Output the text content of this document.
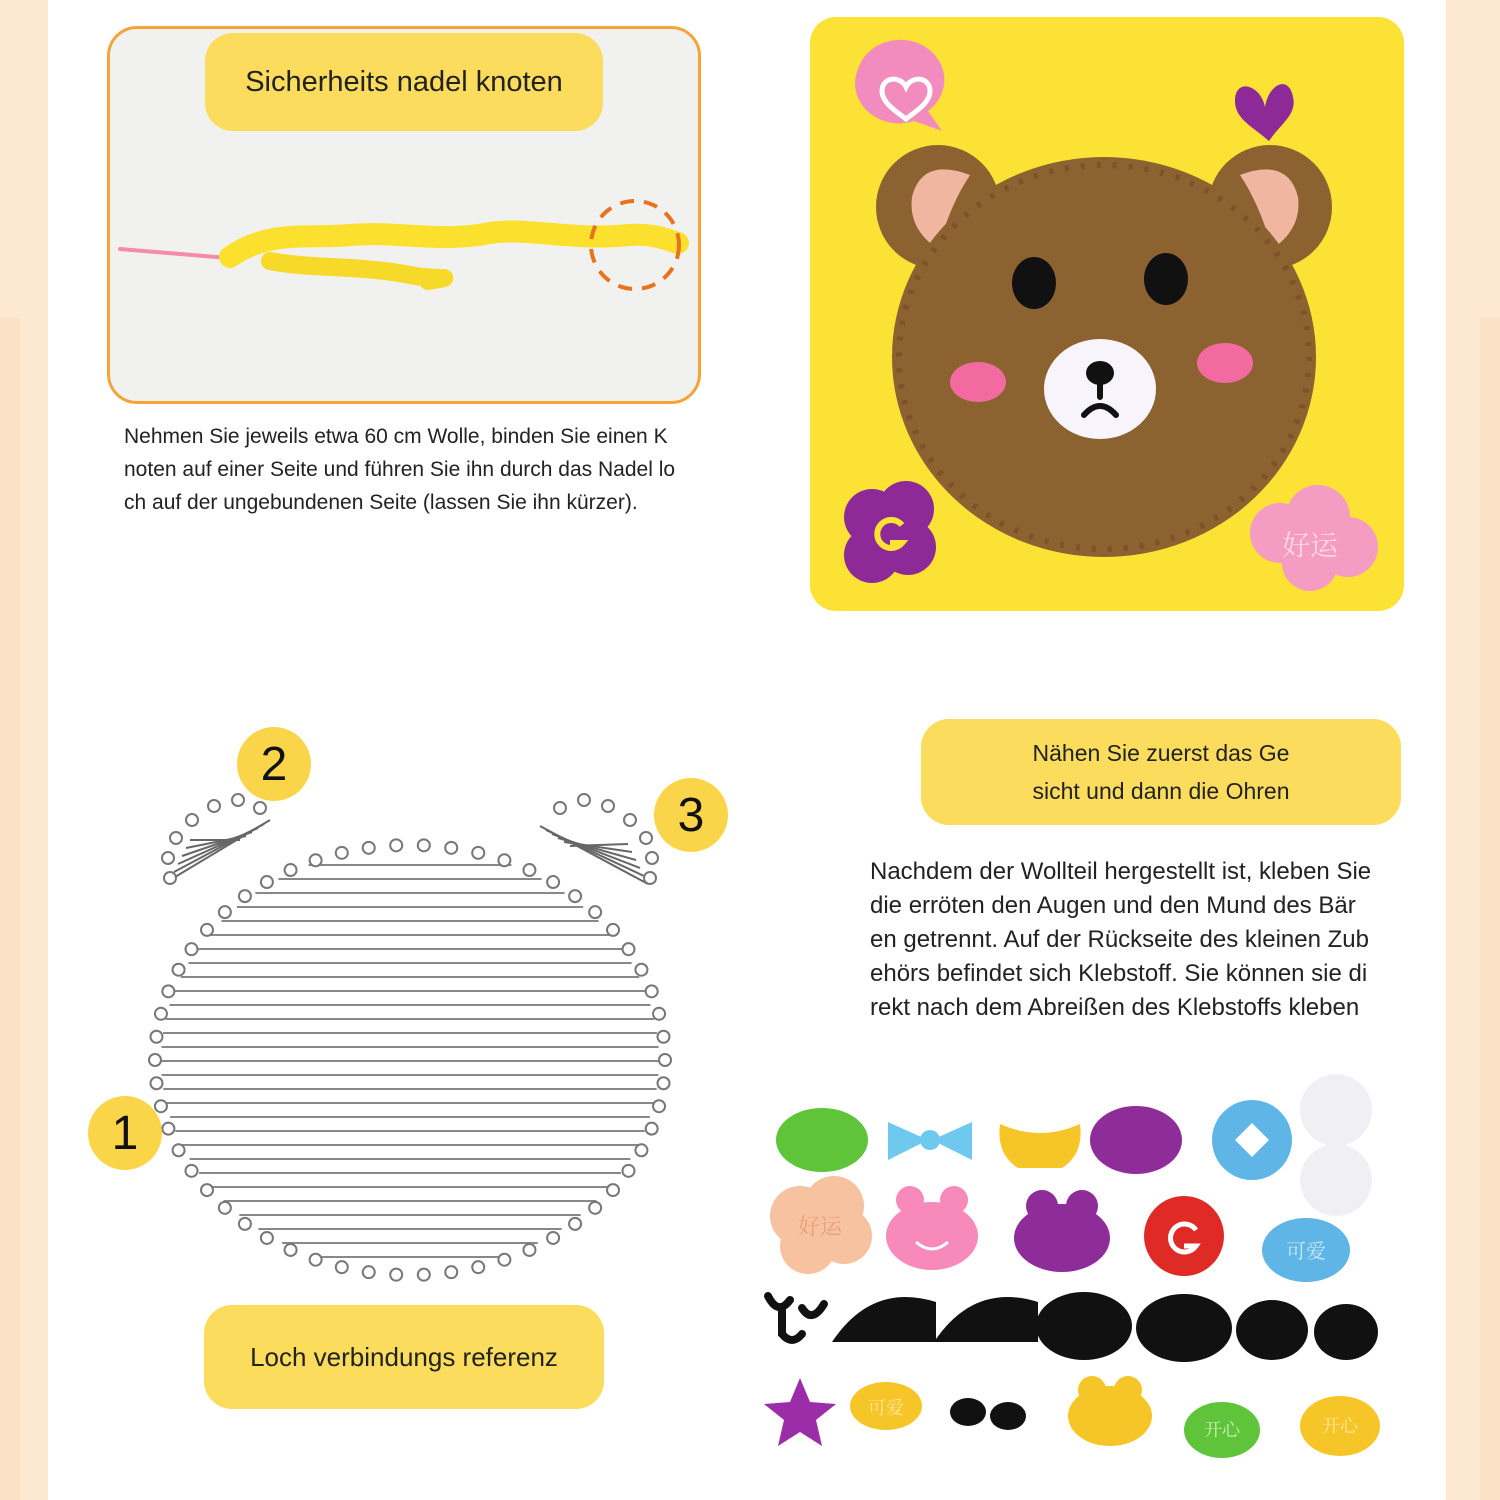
Sicherheits nadel knoten
Nehmen Sie jeweils etwa 60 cm Wolle, binden Sie einen K
noten auf einer Seite und führen Sie ihn durch das Nadel lo
ch auf der ungebundenen Seite (lassen Sie ihn kürzer).
好运
1
2
3
Loch verbindungs referenz
Nähen Sie zuerst das Ge
sicht und dann die Ohren
Nachdem der Wollteil hergestellt ist, kleben Sie
die erröten den Augen und den Mund des Bär
en getrennt. Auf der Rückseite des kleinen Zub
ehörs befindet sich Klebstoff. Sie können sie di
rekt nach dem Abreißen des Klebstoffs kleben
好运
可爱
可爱
开心	开心
